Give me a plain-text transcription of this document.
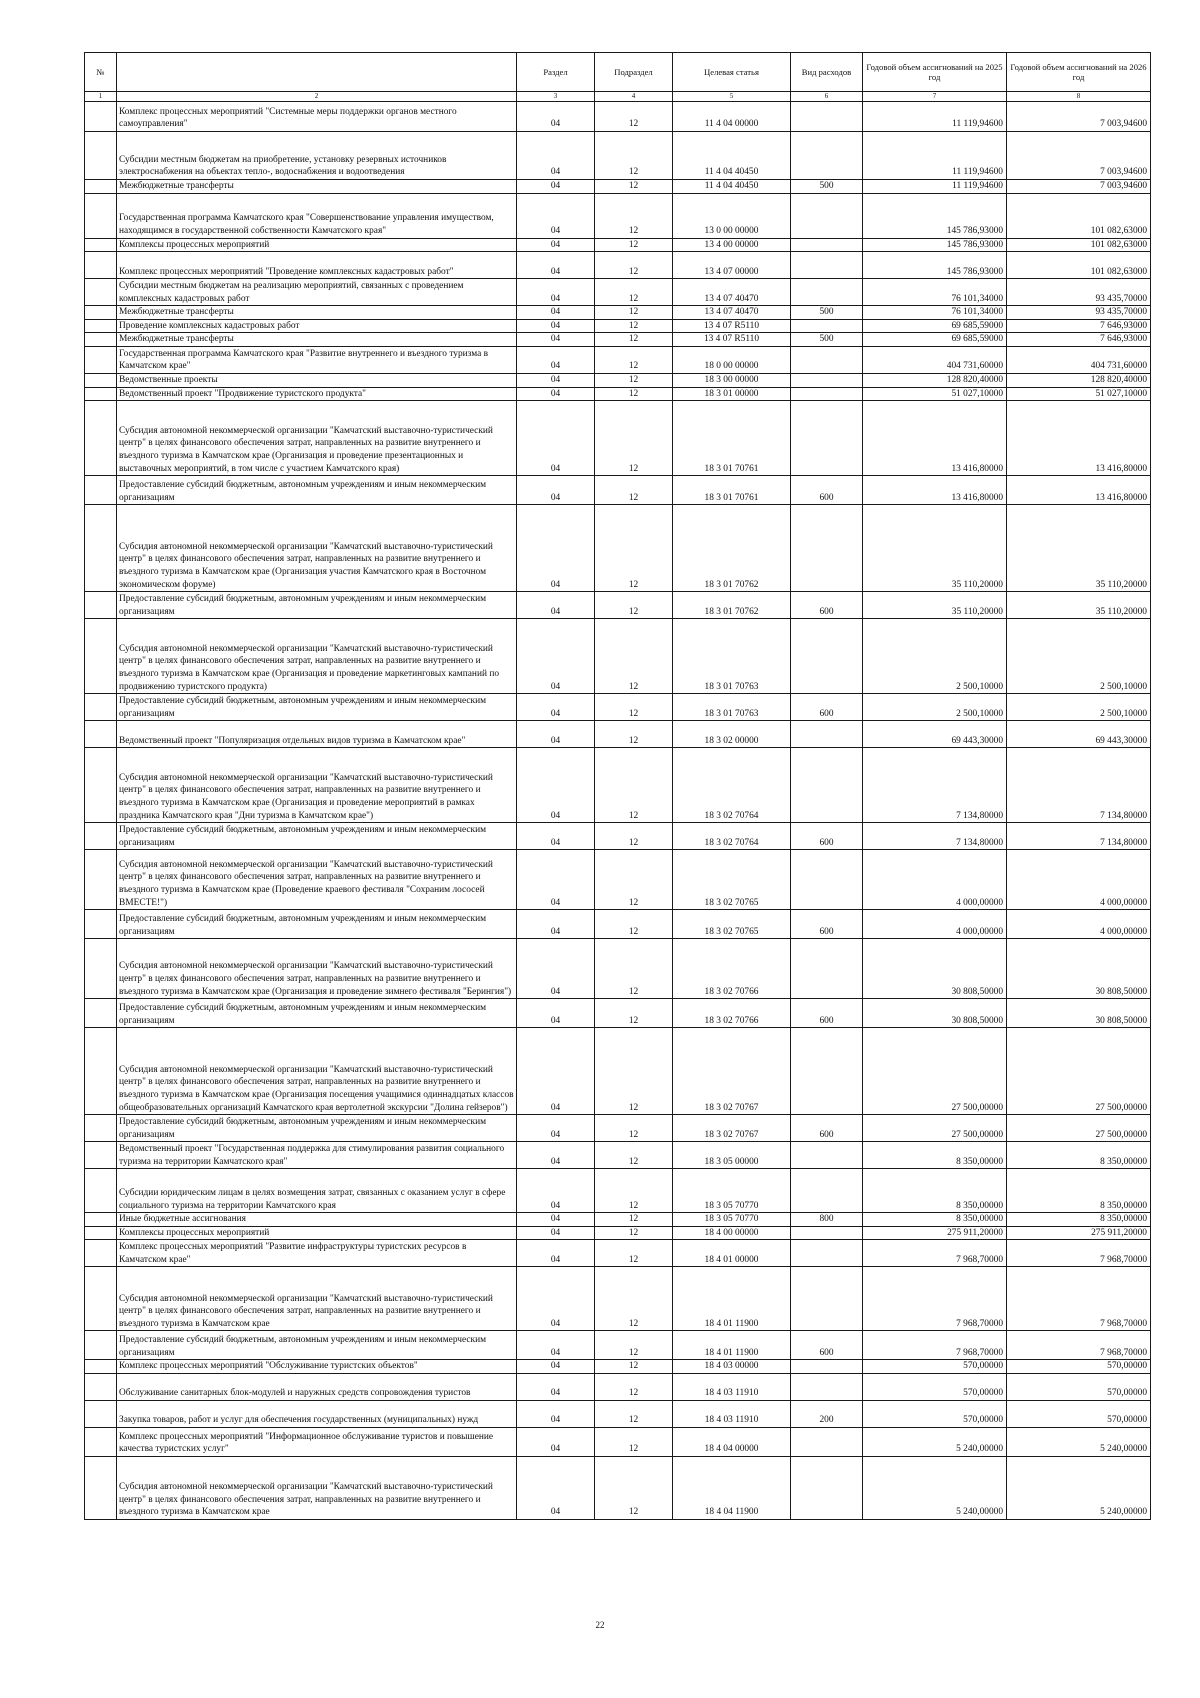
№		Раздел	Подраздел	Целевая статья	Вид расходов	Годовой объем ассигнований на 2025 год	Годовой объем ассигнований на 2026 год
1	2	3	4	5	6	7	8
	Комплекс процессных мероприятий "Системные меры поддержки органов местного самоуправления"	04	12	11 4 04 00000		11 119,94600	7 003,94600
	Субсидии местным бюджетам на приобретение, установку резервных источников электроснабжения на объектах тепло-, водоснабжения и водоотведения	04	12	11 4 04 40450		11 119,94600	7 003,94600
	Межбюджетные трансферты	04	12	11 4 04 40450	500	11 119,94600	7 003,94600
	Государственная программа Камчатского края "Совершенствование управления имуществом, находящимся в государственной собственности Камчатского края"	04	12	13 0 00 00000		145 786,93000	101 082,63000
	Комплексы процессных мероприятий	04	12	13 4 00 00000		145 786,93000	101 082,63000
	Комплекс процессных мероприятий "Проведение комплексных кадастровых работ"	04	12	13 4 07 00000		145 786,93000	101 082,63000
	Субсидии местным бюджетам на реализацию мероприятий, связанных с проведением комплексных кадастровых работ	04	12	13 4 07 40470		76 101,34000	93 435,70000
	Межбюджетные трансферты	04	12	13 4 07 40470	500	76 101,34000	93 435,70000
	Проведение комплексных кадастровых работ	04	12	13 4 07 R5110		69 685,59000	7 646,93000
	Межбюджетные трансферты	04	12	13 4 07 R5110	500	69 685,59000	7 646,93000
	Государственная программа Камчатского края "Развитие внутреннего и въездного туризма в Камчатском крае"	04	12	18 0 00 00000		404 731,60000	404 731,60000
	Ведомственные проекты	04	12	18 3 00 00000		128 820,40000	128 820,40000
	Ведомственный проект "Продвижение туристского продукта"	04	12	18 3 01 00000		51 027,10000	51 027,10000
	Субсидия автономной некоммерческой организации "Камчатский выставочно-туристический центр" в целях финансового обеспечения затрат, направленных на развитие внутреннего и въездного туризма в Камчатском крае (Организация и проведение презентационных и выставочных мероприятий, в том числе с участием Камчатского края)	04	12	18 3 01 70761		13 416,80000	13 416,80000
	Предоставление субсидий бюджетным, автономным учреждениям и иным некоммерческим организациям	04	12	18 3 01 70761	600	13 416,80000	13 416,80000
	Субсидия автономной некоммерческой организации "Камчатский выставочно-туристический центр" в целях финансового обеспечения затрат, направленных на развитие внутреннего и въездного туризма в Камчатском крае (Организация участия Камчатского края в Восточном экономическом форуме)	04	12	18 3 01 70762		35 110,20000	35 110,20000
	Предоставление субсидий бюджетным, автономным учреждениям и иным некоммерческим организациям	04	12	18 3 01 70762	600	35 110,20000	35 110,20000
	Субсидия автономной некоммерческой организации "Камчатский выставочно-туристический центр" в целях финансового обеспечения затрат, направленных на развитие внутреннего и въездного туризма в Камчатском крае (Организация и проведение маркетинговых кампаний по продвижению туристского продукта)	04	12	18 3 01 70763		2 500,10000	2 500,10000
	Предоставление субсидий бюджетным, автономным учреждениям и иным некоммерческим организациям	04	12	18 3 01 70763	600	2 500,10000	2 500,10000
	Ведомственный проект "Популяризация отдельных видов туризма в Камчатском крае"	04	12	18 3 02 00000		69 443,30000	69 443,30000
	Субсидия автономной некоммерческой организации "Камчатский выставочно-туристический центр" в целях финансового обеспечения затрат, направленных на развитие внутреннего и въездного туризма в Камчатском крае (Организация и проведение мероприятий в рамках праздника Камчатского края "Дни туризма в Камчатском крае")	04	12	18 3 02 70764		7 134,80000	7 134,80000
	Предоставление субсидий бюджетным, автономным учреждениям и иным некоммерческим организациям	04	12	18 3 02 70764	600	7 134,80000	7 134,80000
	Субсидия автономной некоммерческой организации "Камчатский выставочно-туристический центр" в целях финансового обеспечения затрат, направленных на развитие внутреннего и въездного туризма в Камчатском крае (Проведение краевого фестиваля "Сохраним лососей ВМЕСТЕ!")	04	12	18 3 02 70765		4 000,00000	4 000,00000
	Предоставление субсидий бюджетным, автономным учреждениям и иным некоммерческим организациям	04	12	18 3 02 70765	600	4 000,00000	4 000,00000
	Субсидия автономной некоммерческой организации "Камчатский выставочно-туристический центр" в целях финансового обеспечения затрат, направленных на развитие внутреннего и въездного туризма в Камчатском крае (Организация и проведение зимнего фестиваля "Берингия")	04	12	18 3 02 70766		30 808,50000	30 808,50000
	Предоставление субсидий бюджетным, автономным учреждениям и иным некоммерческим организациям	04	12	18 3 02 70766	600	30 808,50000	30 808,50000
	Субсидия автономной некоммерческой организации "Камчатский выставочно-туристический центр" в целях финансового обеспечения затрат, направленных на развитие внутреннего и въездного туризма в Камчатском крае (Организация посещения учащимися одиннадцатых классов общеобразовательных организаций Камчатского края вертолетной экскурсии "Долина гейзеров")	04	12	18 3 02 70767		27 500,00000	27 500,00000
	Предоставление субсидий бюджетным, автономным учреждениям и иным некоммерческим организациям	04	12	18 3 02 70767	600	27 500,00000	27 500,00000
	Ведомственный проект "Государственная поддержка для стимулирования развития социального туризма на территории Камчатского края"	04	12	18 3 05 00000		8 350,00000	8 350,00000
	Субсидии юридическим лицам в целях возмещения затрат, связанных с оказанием услуг в сфере социального туризма на территории Камчатского края	04	12	18 3 05 70770		8 350,00000	8 350,00000
	Иные бюджетные ассигнования	04	12	18 3 05 70770	800	8 350,00000	8 350,00000
	Комплексы процессных мероприятий	04	12	18 4 00 00000		275 911,20000	275 911,20000
	Комплекс процессных мероприятий "Развитие инфраструктуры туристских ресурсов в Камчатском крае"	04	12	18 4 01 00000		7 968,70000	7 968,70000
	Субсидия автономной некоммерческой организации "Камчатский выставочно-туристический центр" в целях финансового обеспечения затрат, направленных на развитие внутреннего и въездного туризма в Камчатском крае	04	12	18 4 01 11900		7 968,70000	7 968,70000
	Предоставление субсидий бюджетным, автономным учреждениям и иным некоммерческим организациям	04	12	18 4 01 11900	600	7 968,70000	7 968,70000
	Комплекс процессных мероприятий "Обслуживание туристских объектов"	04	12	18 4 03 00000		570,00000	570,00000
	Обслуживание санитарных блок-модулей и наружных средств сопровождения туристов	04	12	18 4 03 11910		570,00000	570,00000
	Закупка товаров, работ и услуг для обеспечения государственных (муниципальных) нужд	04	12	18 4 03 11910	200	570,00000	570,00000
	Комплекс процессных мероприятий "Информационное обслуживание туристов и повышение качества туристских услуг"	04	12	18 4 04 00000		5 240,00000	5 240,00000
	Субсидия автономной некоммерческой организации "Камчатский выставочно-туристический центр" в целях финансового обеспечения затрат, направленных на развитие внутреннего и въездного туризма в Камчатском крае	04	12	18 4 04 11900		5 240,00000	5 240,00000
22
